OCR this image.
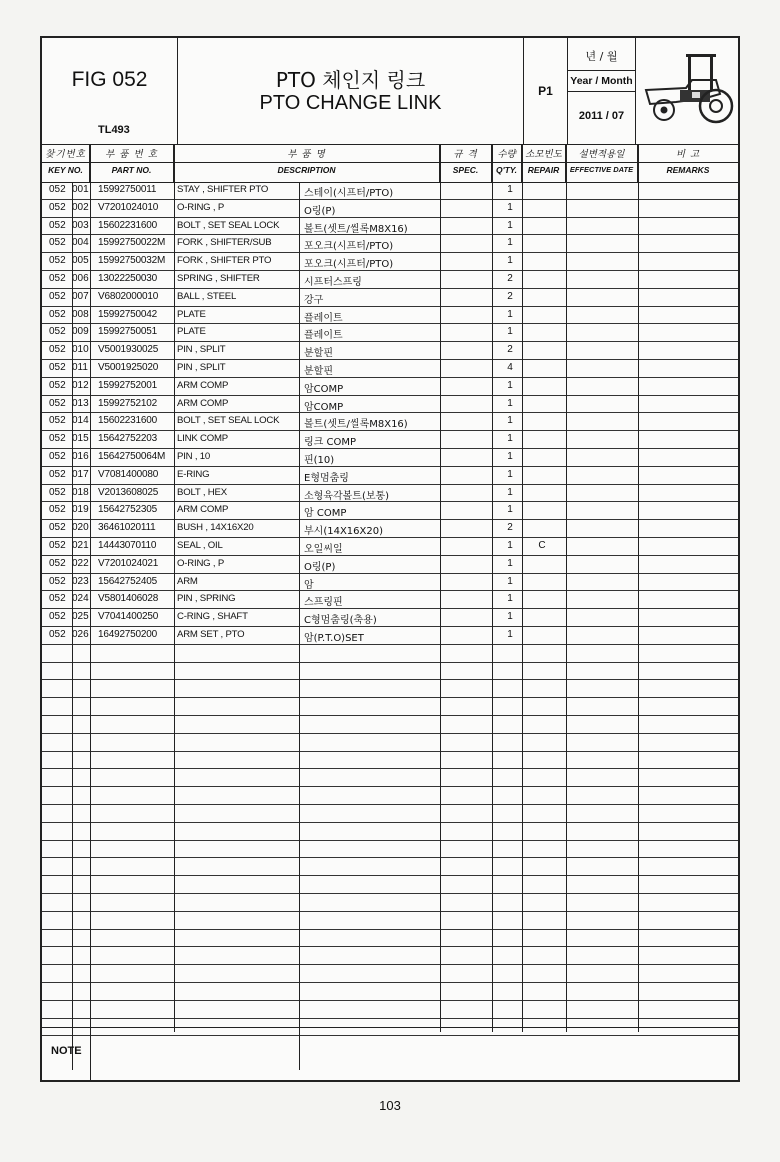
FIG 052
TL493
PTO 체인지 링크
PTO CHANGE LINK
P1
년 / 월
Year / Month
2011 / 07
찾기번호
KEY NO.
부 품 번 호
PART NO.
부 품 명
DESCRIPTION
규 격
SPEC.
수량
Q'TY.
소모빈도
REPAIR
설변적용일
EFFECTIVE DATE
비 고
REMARKS
052 001 15992750011 STAY , SHIFTER PTO	스테이(시프터/PTO)	1
052 002 V7201024010 O-RING , P	O링(P)	1
052 003 15602231600 BOLT , SET SEAL LOCK 볼트(셋트/씰록M8X16)	1
052 004 15992750022M FORK , SHIFTER/SUB	포오크(시프터/PTO)	1
052 005 15992750032M FORK , SHIFTER PTO	포오크(시프터/PTO)	1
052 006 13022250030 SPRING , SHIFTER	시프터스프링	2
052 007 V6802000010 BALL , STEEL	강구	2
052 008 15992750042 PLATE	플레이트	1
052 009 15992750051 PLATE	플레이트	1
052 010 V5001930025 PIN , SPLIT	분할핀	2
052 011 V5001925020 PIN , SPLIT	분할핀	4
052 012 15992752001 ARM COMP	암COMP	1
052 013 15992752102 ARM COMP	암COMP	1
052 014 15602231600 BOLT , SET SEAL LOCK 볼트(셋트/씰록M8X16)	1
052 015 15642752203 LINK COMP	링크 COMP	1
052 016 15642750064M PIN , 10	핀(10)	1
052 017 V7081400080 E-RING	E형멈춤링	1
052 018 V2013608025 BOLT , HEX	소형육각볼트(보통)	1
052 019 15642752305 ARM COMP	암 COMP	1
052 020 36461020111 BUSH , 14X16X20	부시(14X16X20)	2
052 021 14443070110 SEAL , OIL	오일씨일	1	C
052 022 V7201024021 O-RING , P	O링(P)	1
052 023 15642752405 ARM	암	1
052 024 V5801406028 PIN , SPRING	스프링핀	1
052 025 V7041400250 C-RING , SHAFT	C형멈춤링(축용)	1
052 026 16492750200 ARM SET , PTO	암(P.T.O)SET	1
NOTE
103
